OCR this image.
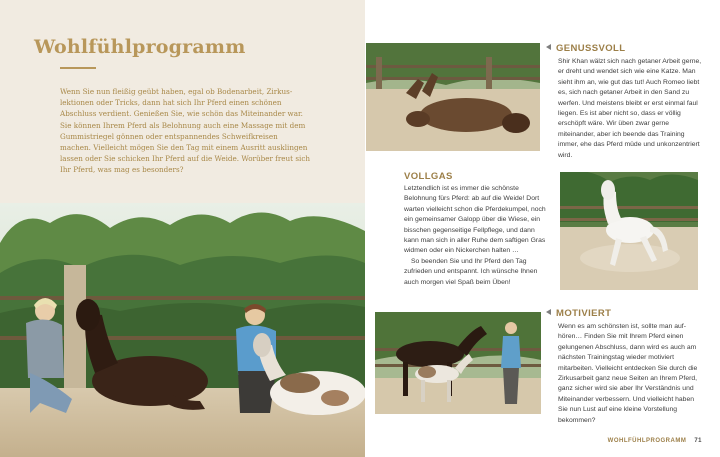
Wohlfühlprogramm

Wenn Sie nun fleißig geübt haben, egal ob Bodenarbeit, Zirkuslektionen oder Tricks, dann hat sich Ihr Pferd einen schönen Abschluss verdient. Genießen Sie, wie schön das Miteinander war. Sie können Ihrem Pferd als Belohnung auch eine Massage mit dem Gummistriegel gönnen oder entspannendes Schweifkreisen machen. Vielleicht mögen Sie den Tag mit einem Ausritt ausklingen lassen oder Sie schicken Ihr Pferd auf die Weide. Worüber freut sich Ihr Pferd, was mag es besonders?

GENUSSVOLL

Shir Khan wälzt sich nach getaner Arbeit gerne, er dreht und wendet sich wie eine Katze. Man sieht ihm an, wie gut das tut! Auch Romeo liebt es, sich nach getaner Arbeit in den Sand zu werfen. Und meistens bleibt er erst einmal faul liegen. Es ist aber nicht so, dass er völlig erschöpft wäre. Wir üben zwar gerne miteinander, aber ich beende das Training immer, ehe das Pferd müde und unkonzentriert wird.

VOLLGAS

Letztendlich ist es immer die schönste Belohnung fürs Pferd: ab auf die Weide! Dort warten vielleicht schon die Pferdekumpel, noch ein gemeinsamer Galopp über die Wiese, ein bisschen gegenseitige Fellpflege, und dann kann man sich in aller Ruhe dem saftigen Gras widmen oder ein Nickerchen halten …

So beenden Sie und Ihr Pferd den Tag zufrieden und entspannt. Ich wünsche Ihnen auch morgen viel Spaß beim Üben!

MOTIVIERT

Wenn es am schönsten ist, sollte man aufhören… Finden Sie mit Ihrem Pferd einen gelungenen Abschluss, dann wird es auch am nächsten Trainingstag wieder motiviert mitarbeiten. Vielleicht entdecken Sie durch die Zirkusarbeit ganz neue Seiten an Ihrem Pferd, ganz sicher wird sie aber Ihr Verständnis und Miteinander verbessern. Und vielleicht haben Sie nun Lust auf eine kleine Vorstellung bekommen?

WOHLFÜHLPROGRAMM 71
